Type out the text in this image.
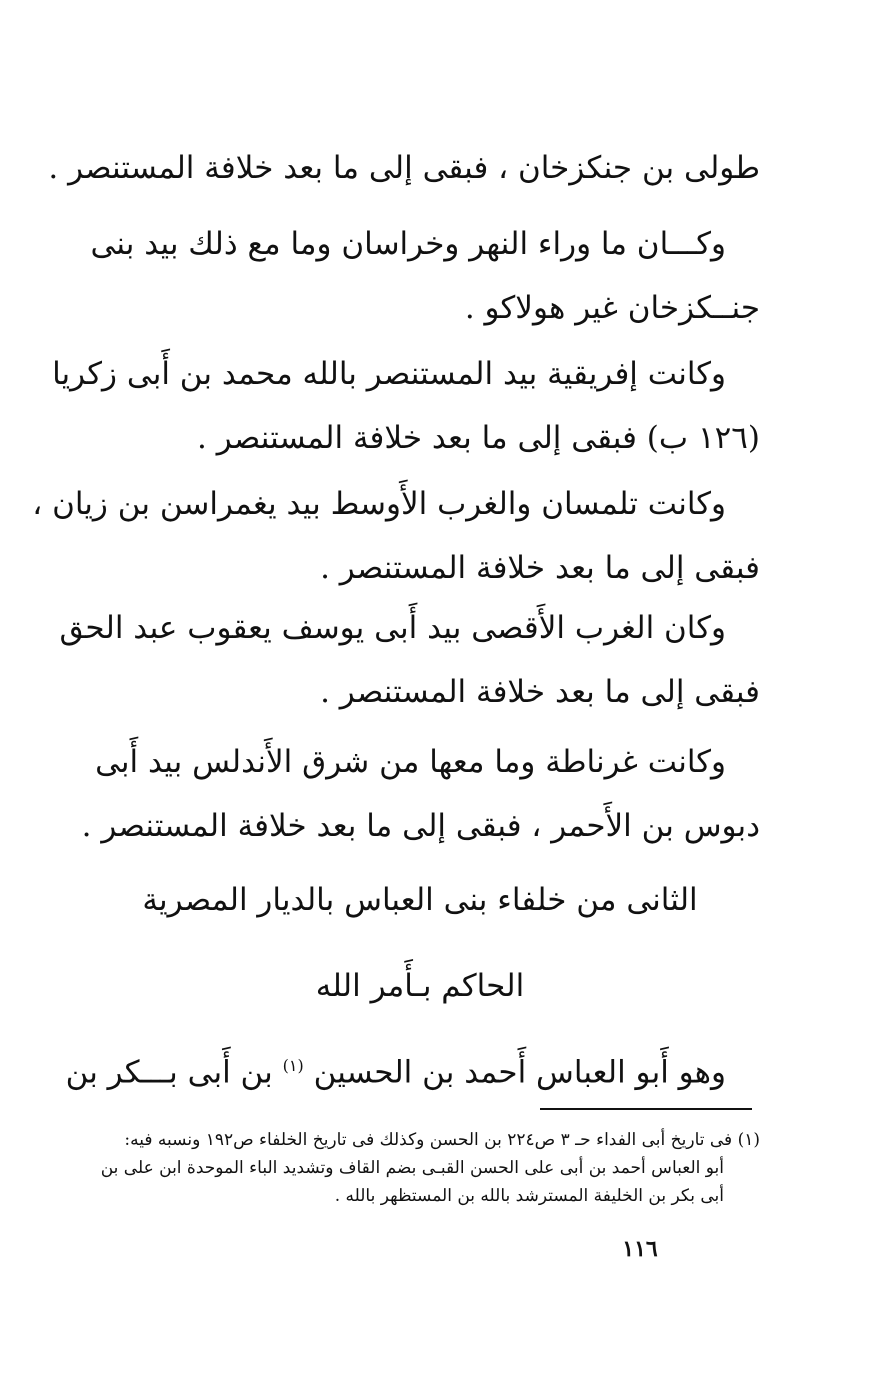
طولى بن جنكزخان ، فبقى إلى ما بعد خلافة المستنصر .

وكـــان ما وراء النهر وخراسان وما مع ذلك بيد بنى
جنــكزخان غير هولاكو .

وكانت إفريقية بيد المستنصر بالله محمد بن أَبى زكريا
(١٢٦ ب) فبقى إلى ما بعد خلافة المستنصر .

وكانت تلمسان والغرب الأَوسط بيد يغمراسن بن زيان ،
فبقى إلى ما بعد خلافة المستنصر .

وكان الغرب الأَقصى بيد أَبى يوسف يعقوب عبد الحق
فبقى إلى ما بعد خلافة المستنصر .

وكانت غرناطة وما معها من شرق الأَندلس بيد أَبى
دبوس بن الأَحمر ، فبقى إلى ما بعد خلافة المستنصر .

الثانى من خلفاء بنى العباس بالديار المصرية
الحاكم بـأَمر الله

وهو أَبو العباس أَحمد بن الحسين $^{(١)}$ بن أَبى بـــكر بن

(١) فى تاريخ أبى الفداء حـ ٣ ص٢٢٤ بن الحسن وكذلك فى تاريخ الخلفاء ص١٩٢ ونسبه فيه:
أبو العباس أحمد بن أبى على الحسن القبـى بضم القاف وتشديد الباء الموحدة ابن على بن
أبى بكر بن الخليفة المسترشد بالله بن المستظهر بالله .
١١٦
